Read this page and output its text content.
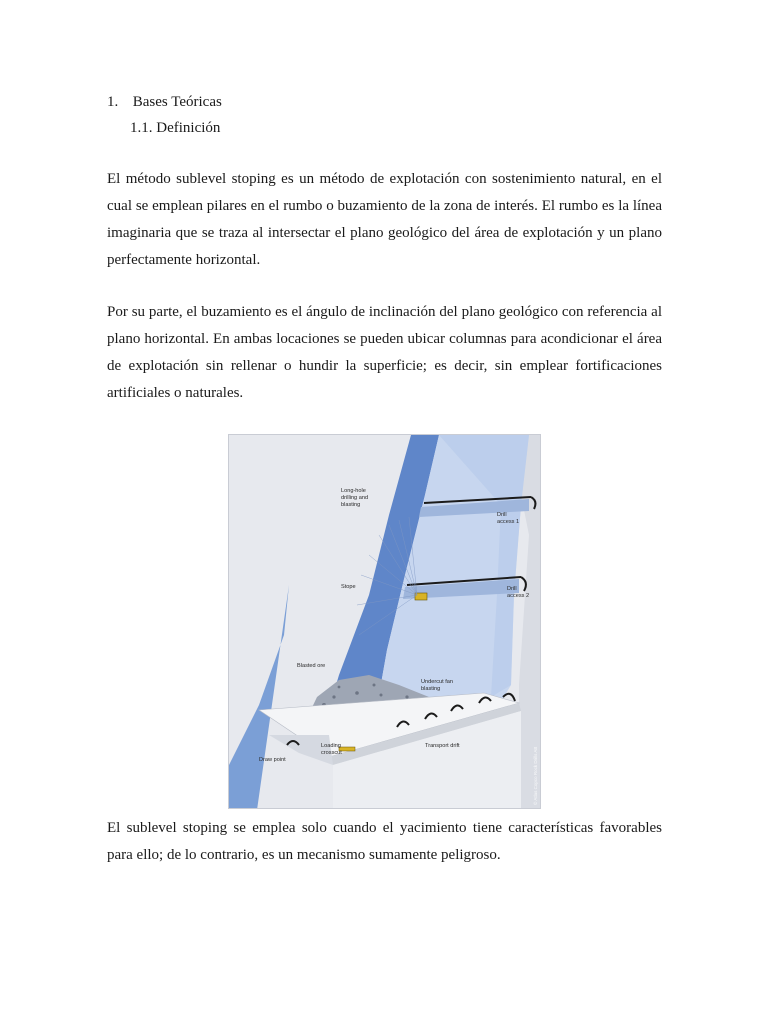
1. Bases Teóricas
1.1. Definición

El método sublevel stoping es un método de explotación con sostenimiento natural, en el cual se emplean pilares en el rumbo o buzamiento de la zona de interés. El rumbo es la línea imaginaria que se traza al intersectar el plano geológico del área de explotación y un plano perfectamente horizontal.

Por su parte, el buzamiento es el ángulo de inclinación del plano geológico con referencia al plano horizontal. En ambas locaciones se pueden ubicar columnas para acondicionar el área de explotación sin rellenar o hundir la superficie; es decir, sin emplear fortificaciones artificiales o naturales.

Long-hole
drilling and
blasting
Drill
access 1
Stope	Drill
access 2
Blasted ore
Undercut fan
blasting
Loading
crosscut
Transport drift
Draw point	© Atlas Copco Rock Drills AB

El sublevel stoping se emplea solo cuando el yacimiento tiene características favorables para ello; de lo contrario, es un mecanismo sumamente peligroso.
